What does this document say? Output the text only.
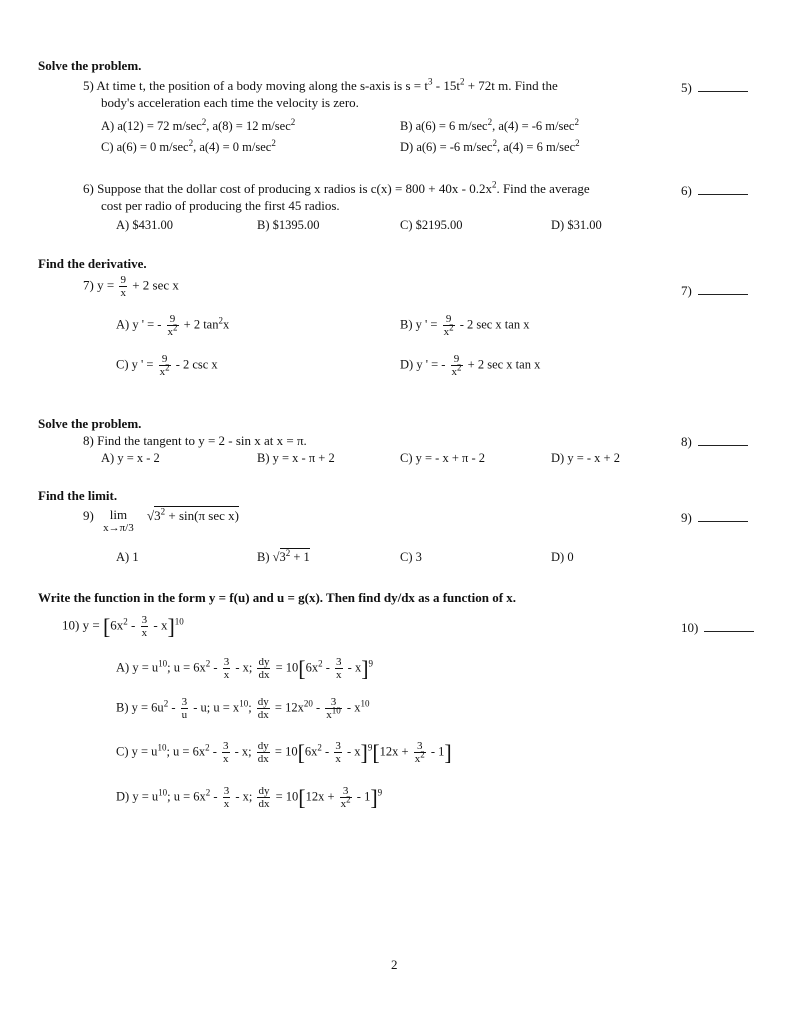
Solve the problem.
5) At time t, the position of a body moving along the s-axis is $s = t^3 - 15t^2 + 72t$ m. Find the
body's acceleration each time the velocity is zero.
A) a(12) = 72 $m/\sec^2$, a(8) = 12 $m/\sec^2$	B) a(6) = 6 $m/\sec^2$, a(4) = -6 $m/\sec^2$
C) a(6) = 0 $m/\sec^2$, a(4) = 0 $m/\sec^2$	D) a(6) = -6 $m/\sec^2$, a(4) = 6 $m/\sec^2$
5)
6) Suppose that the dollar cost of producing x radios is $c(x) = 800 + 40x - 0.2x^2$. Find the average
cost per radio of producing the first 45 radios.
A) $431.00	B) $1395.00	C) $2195.00	D) $31.00
6)
Find the derivative.
7) $y = \frac{9}{x} + 2$ sec x	7)
A) y ' = - $\frac{9}{x^2} + 2$ $\tan^2x$	B) y ' = $\frac{9}{x^2} - 2$ sec x tan x
C) y ' = $\frac{9}{x^2} - 2$ csc x	D) y ' = - $\frac{9}{x^2} + 2$ sec x tan x
Solve the problem.
8) Find the tangent to y = 2 - sin x at x = π.
A) y = x - 2	B) y = x - π + 2	C) y = - x + π - 2	D) y = - x + 2
8)
Find the limit.
9) lim
x→π/3
$√3^2 + \sin(\pi$ sec x)
A) 1	B) $√3^2 + 1$	C) 3	D) 0
9)
Write the function in the form y = f(u) and u = g(x). Then find dy/dx as a function of x.
10) $y = [6x^2 - \frac{3}{x} - x]^{10}$	10)
A) $y = u^{10}$; $u = 6x^2 - \frac{3}{x} - x$; $\frac{dy}{dx} = 10[6x^2 - \frac{3}{x} - x]^9$
B) $y = 6u^2 - \frac{3}{u} - u$; $u = x^{10}$; $\frac{dy}{dx} = 12x^{20} - \frac{3}{x^{10}} - x^{10}$
C) $y = u^{10}$; $u = 6x^2 - \frac{3}{x} - x$; $\frac{dy}{dx} = 10[6x^2 - \frac{3}{x} - x]^9[12x + \frac{3}{x^2} - 1]$
D) $y = u^{10}$; $u = 6x^2 - \frac{3}{x} - x$; $\frac{dy}{dx} = 10[12x + \frac{3}{x^2} - 1]^9$
2
